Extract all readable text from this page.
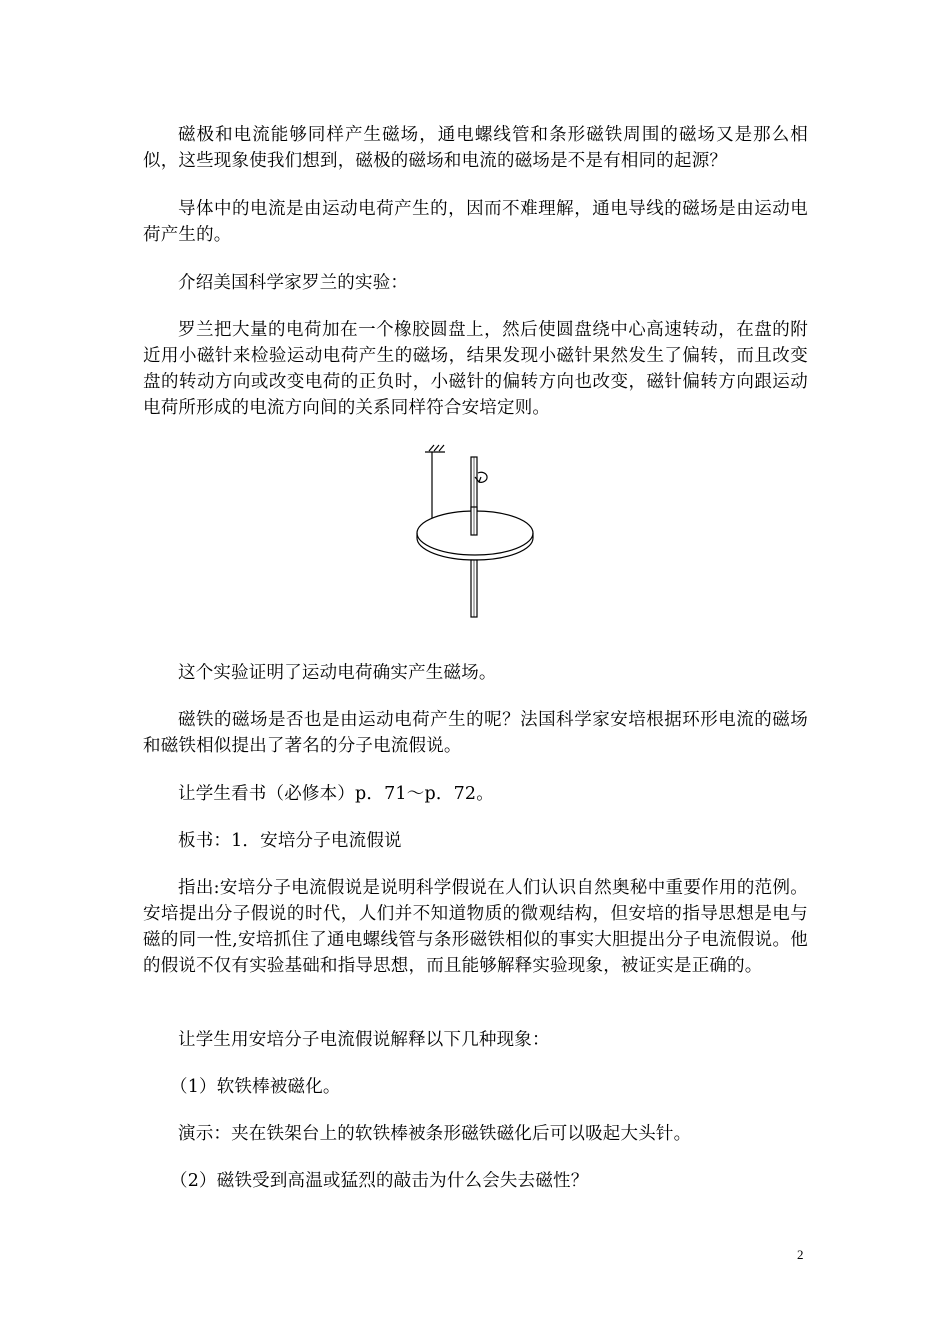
磁极和电流能够同样产生磁场，通电螺线管和条形磁铁周围的磁场又是那么相似，这些现象使我们想到，磁极的磁场和电流的磁场是不是有相同的起源？

导体中的电流是由运动电荷产生的，因而不难理解，通电导线的磁场是由运动电荷产生的。

介绍美国科学家罗兰的实验：

罗兰把大量的电荷加在一个橡胶圆盘上，然后使圆盘绕中心高速转动，在盘的附近用小磁针来检验运动电荷产生的磁场，结果发现小磁针果然发生了偏转，而且改变盘的转动方向或改变电荷的正负时，小磁针的偏转方向也改变，磁针偏转方向跟运动电荷所形成的电流方向间的关系同样符合安培定则。

这个实验证明了运动电荷确实产生磁场。

磁铁的磁场是否也是由运动电荷产生的呢？法国科学家安培根据环形电流的磁场和磁铁相似提出了著名的分子电流假说。

让学生看书（必修本）p．71～p．72。

板书：1．安培分子电流假说

指出:安培分子电流假说是说明科学假说在人们认识自然奥秘中重要作用的范例。安培提出分子假说的时代，人们并不知道物质的微观结构，但安培的指导思想是电与磁的同一性,安培抓住了通电螺线管与条形磁铁相似的事实大胆提出分子电流假说。他的假说不仅有实验基础和指导思想，而且能够解释实验现象，被证实是正确的。

让学生用安培分子电流假说解释以下几种现象：

（1）软铁棒被磁化。

演示：夹在铁架台上的软铁棒被条形磁铁磁化后可以吸起大头针。

（2）磁铁受到高温或猛烈的敲击为什么会失去磁性？

2
